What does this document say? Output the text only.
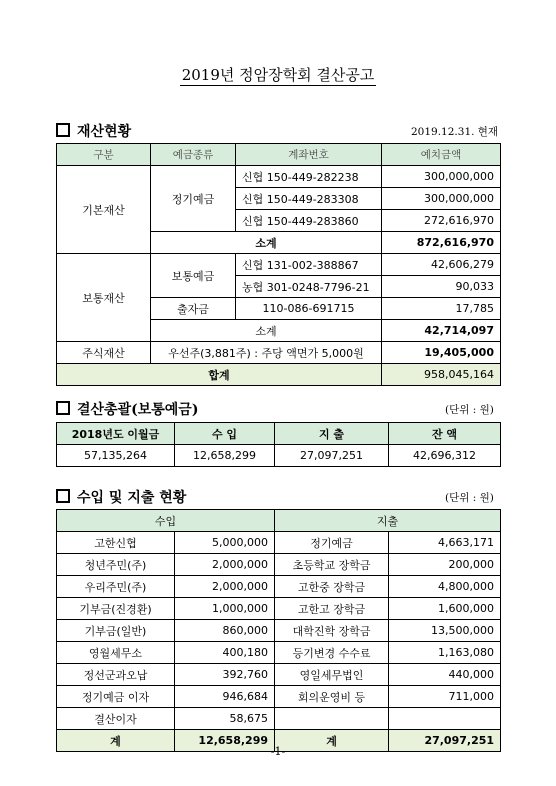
2019년 정암장학회 결산공고
재산현황	2019.12.31. 현재
구분	예금종류	계좌번호	예치금액
기본재산	정기예금	신협 150-449-282238	300,000,000
		신협 150-449-283308	300,000,000
		신협 150-449-283860	272,616,970
	소계		872,616,970
보통재산	보통예금	신협 131-002-388867	42,606,279
		농협 301-0248-7796-21	90,033
	출자금	110-086-691715	17,785
	소계		42,714,097
주식재산	우선주(3,881주) : 주당 액면가 5,000원		19,405,000
합계			958,045,164
결산총괄(보통예금)	(단위 : 원)
2018년도 이월금	수 입	지 출	잔 액
57,135,264	12,658,299	27,097,251	42,696,312
수입 및 지출 현황	(단위 : 원)
수입		지출	
고한신협	5,000,000	정기예금	4,663,171
청년주민(주)	2,000,000	초등학교 장학금	200,000
우리주민(주)	2,000,000	고한중 장학금	4,800,000
기부금(진경환)	1,000,000	고한고 장학금	1,600,000
기부금(일반)	860,000	대학진학 장학금	13,500,000
영월세무소	400,180	등기변경 수수료	1,163,080
정선군과오납	392,760	영일세무법인	440,000
정기예금 이자	946,684	회의운영비 등	711,000
결산이자	58,675		
계	12,658,299	계	27,097,251
-1-
